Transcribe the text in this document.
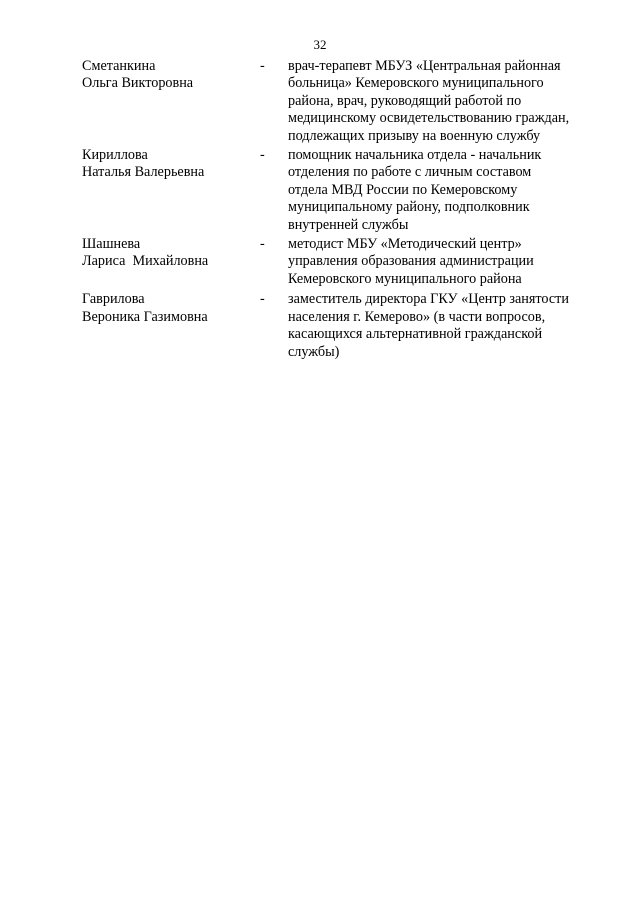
32
Сметанкина
Ольга Викторовна
-	врач-терапевт МБУЗ «Центральная районная
больница» Кемеровского муниципального
района, врач, руководящий работой по
медицинскому освидетельствованию граждан,
подлежащих призыву на военную службу
Кириллова
Наталья Валерьевна
-	помощник начальника отдела - начальник
отделения по работе с личным составом
отдела МВД России по Кемеровскому
муниципальному району, подполковник
внутренней службы
Шашнева
Лариса  Михайловна
-	методист МБУ «Методический центр»
управления образования администрации
Кемеровского муниципального района
Гаврилова
Вероника Газимовна
-	заместитель директора ГКУ «Центр занятости
населения г. Кемерово» (в части вопросов,
касающихся альтернативной гражданской
службы)
